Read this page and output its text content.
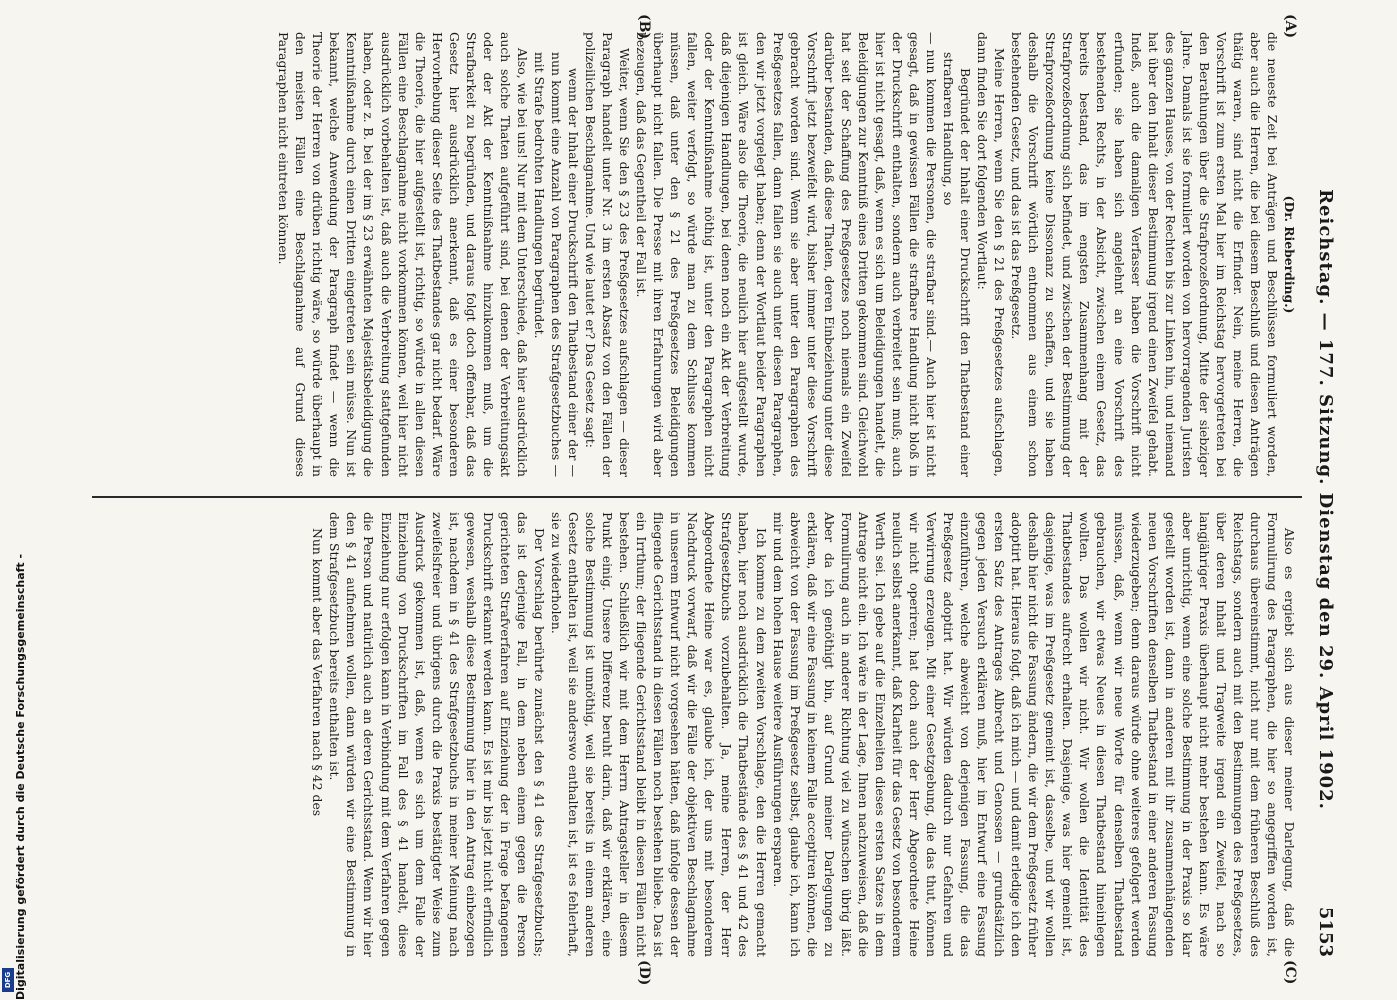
Reichstag. — 177. Sitzung. Dienstag den 29. April 1902.
5153
(A)
(B)
(C)
(D)

(Dr. Rieberding.)

die neueste Zeit bei Anträgen und Beschlüssen formuliert worden, aber auch die Herren, die bei diesem Beschluß und diesen Anträgen thätig waren, sind nicht die Erfinder. Nein, meine Herren, die Vorschrift ist zum ersten Mal hier im Reichstag hervorgetreten bei den Berathungen über die Strafprozeßordnung, Mitte der siebziger Jahre. Damals ist sie formuliert worden von hervorragenden Juristen des ganzen Hauses, von der Rechten bis zur Linken hin, und niemand hat über den Inhalt dieser Bestimmung irgend einen Zweifel gehabt. Indeß, auch die damaligen Verfasser haben die Vorschrift nicht erfunden; sie haben sich angelehnt an eine Vorschrift des bestehenden Rechts, in der Absicht, zwischen einem Gesetz, das bereits bestand, das im engsten Zusammenhang mit der Strafprozeßordnung sich befindet, und zwischen der Bestimmung der Strafprozeßordnung keine Dissonanz zu schaffen, und sie haben deshalb die Vorschrift wörtlich entnommen aus einem schon bestehenden Gesetz, und das ist das Preßgesetz.

Meine Herren, wenn Sie den § 21 des Preßgesetzes aufschlagen, dann finden Sie dort folgenden Wortlaut:

Begründet der Inhalt einer Druckschrift den Thatbestand einer strafbaren Handlung, so

— nun kommen die Personen, die strafbar sind.— Auch hier ist nicht gesagt, daß in gewissen Fällen die strafbare Handlung nicht bloß in der Druckschrift enthalten, sondern auch verbreitet sein muß; auch hier ist nicht gesagt, daß, wenn es sich um Beleidigungen handelt, die Beleidigungen zur Kenntniß eines Dritten gekommen sind. Gleichwohl hat seit der Schaffung des Preßgesetzes noch niemals ein Zweifel darüber bestanden, daß diese Thaten, deren Einbeziehung unter diese Vorschrift jetzt bezweifelt wird, bisher immer unter diese Vorschrift gebracht worden sind. Wenn sie aber unter den Paragraphen des Preßgesetzes fallen, dann fallen sie auch unter diesen Paragraphen, den wir jetzt vorgelegt haben; denn der Wortlaut beider Paragraphen ist gleich. Wäre also die Theorie, die neulich hier aufgestellt wurde, daß diejenigen Handlungen, bei denen noch ein Akt der Verbreitung oder der Kenntnißnahme nöthig ist, unter den Paragraphen nicht fallen, weiter verfolgt, so würde man zu dem Schlusse kommen müssen, daß unter den § 21 des Preßgesetzes Beleidigungen überhaupt nicht fallen. Die Presse mit ihren Erfahrungen wird aber bezeugen, daß das Gegentheil der Fall ist.

Weiter, wenn Sie den § 23 des Preßgesetzes aufschlagen — dieser Paragraph handelt unter Nr. 3 im ersten Absatz von den Fällen der polizeilichen Beschlagnahme. Und wie lautet er? Das Gesetz sagt:

wenn der Inhalt einer Druckschrift den Thatbestand einer der — nun kommt eine Anzahl von Paragraphen des Strafgesetzbuches — mit Strafe bedrohten Handlungen begründet.

Also, wie bei uns! Nur mit dem Unterschiede, daß hier ausdrücklich auch solche Thaten aufgeführt sind, bei denen der Verbreitungsakt oder der Akt der Kenntnißnahme hinzukommen muß, um die Strafbarkeit zu begründen, und daraus folgt doch offenbar, daß das Gesetz hier ausdrücklich anerkennt, daß es einer besonderen Hervorhebung dieser Seite des Thatbestandes gar nicht bedarf. Wäre die Theorie, die hier aufgestellt ist, richtig, so würde in allen diesen Fällen eine Beschlagnahme nicht vorkommen können, weil hier nicht ausdrücklich vorbehalten ist, daß auch die Verbreitung stattgefunden haben, oder z. B. bei der im § 23 erwähnten Majestätsbeleidigung die Kenntnißnahme durch einen Dritten eingetreten sein müsse. Nun ist bekannt, welche Anwendung der Paragraph findet — wenn die Theorie der Herren von drüben richtig wäre, so würde überhaupt in den meisten Fällen eine Beschlagnahme auf Grund dieses Paragraphen nicht eintreten können.

Also es ergiebt sich aus dieser meiner Darlegung, daß die Formulirung des Paragraphen, die hier so angegriffen worden ist, durchaus übereinstimmt, nicht nur mit dem früheren Beschluß des Reichstags, sondern auch mit den Bestimmungen des Preßgesetzes, über deren Inhalt und Tragweite irgend ein Zweifel, nach so langjähriger Praxis überhaupt nicht mehr bestehen kann. Es wäre aber unrichtig, wenn eine solche Bestimmung in der Praxis so klar gestellt worden ist, dann in anderen mit ihr zusammenhängenden neuen Vorschriften denselben Thatbestand in einer anderen Fassung wiederzugeben; denn daraus würde ohne weiteres gefolgert werden müssen, daß, wenn wir neue Worte für denselben Thatbestand gebrauchen, wir etwas Neues in diesen Thatbestand hineinlegen wollten. Das wollen wir nicht. Wir wollen die Identität des Thatbestandes aufrecht erhalten. Dasjenige, was hier gemeint ist, dasjenige, was im Preßgesetz gemeint ist, dasselbe, und wir wollen deshalb hier nicht die Fassung ändern, die wir dem Preßgesetz früher adoptirt hat. Hieraus folgt, daß ich mich — und damit erledige ich den ersten Satz des Antrages Albrecht und Genossen — grundsätzlich gegen jeden Versuch erklären muß, hier im Entwurf eine Fassung einzuführen, welche abweicht von derjenigen Fassung, die das Preßgesetz adoptirt hat. Wir würden dadurch nur Gefahren und Verwirrung erzeugen. Mit einer Gesetzgebung, die das thut, können wir nicht operiren; hat doch auch der Herr Abgeordnete Heine neulich selbst anerkannt, daß Klarheit für das Gesetz von besonderem Werth sei. Ich gebe auf die Einzelheiten dieses ersten Satzes in dem Antrage nicht ein. Ich wäre in der Lage, Ihnen nachzuweisen, daß die Formulirung auch in anderer Richtung viel zu wünschen übrig läßt. Aber da ich genöthigt bin, auf Grund meiner Darlegungen zu erklären, daß wir eine Fassung in keinem Falle acceptiren können, die abweicht von der Fassung im Preßgesetz selbst, glaube ich, kann ich mir und dem hohen Hause weitere Ausführungen ersparen.

Ich komme zu dem zweiten Vorschlage, den die Herren gemacht haben, hier noch ausdrücklich die Thatbestände des § 41 und 42 des Strafgesetzbuchs vorzubehalten. Ja, meine Herren, der Herr Abgeordnete Heine war es, glaube ich, der uns mit besonderem Nachdruck vorwarf, daß wir die Fälle der objektiven Beschlagnahme in unserem Entwurf nicht vorgesehen hätten, daß infolge dessen der fliegende Gerichtsstand in diesen Fällen noch bestehen bliebe. Das ist ein Irrthum; der fliegende Gerichtsstand bleibt in diesen Fällen nicht bestehen. Schließlich wir mit dem Herrn Antragsteller in diesem Punkt einig. Unsere Differenz beruht darin, daß wir erklären, eine solche Bestimmung ist unnöthig, weil sie bereits in einem anderen Gesetz enthalten ist, weil sie anderswo enthalten ist, ist es fehlerhaft, sie zu wiederholen.

Der Vorschlag berührte zunächst den § 41 des Strafgesetzbuchs; das ist derjenige Fall, in dem neben einem gegen die Person gerichteten Strafverfahren auf Einziehung der in Frage befangenen Druckschrift erkannt werden kann. Es ist mir bis jetzt nicht erfindlich gewesen, weshalb diese Bestimmung hier in den Antrag einbezogen ist, nachdem in § 41 des Strafgesetzbuchs in meiner Meinung nach zweifelsfreier und übrigens durch die Praxis bestätigter Weise zum Ausdruck gekommen ist, daß, wenn es sich um dem Falle der Einziehung von Druckschriften im Fall des § 41 handelt, diese Einziehung nur erfolgen kann in Verbindung mit dem Verfahren gegen die Person und natürlich auch an deren Gerichtsstand. Wenn wir hier den § 41 aufnehmen wollen, dann würden wir eine Bestimmung in dem Strafgesetzbuch bereits enthalten ist.

Nun kommt aber das Verfahren nach § 42 des

Digitalisierung gefördert durch die Deutsche Forschungsgemeinschaft -
DFG
